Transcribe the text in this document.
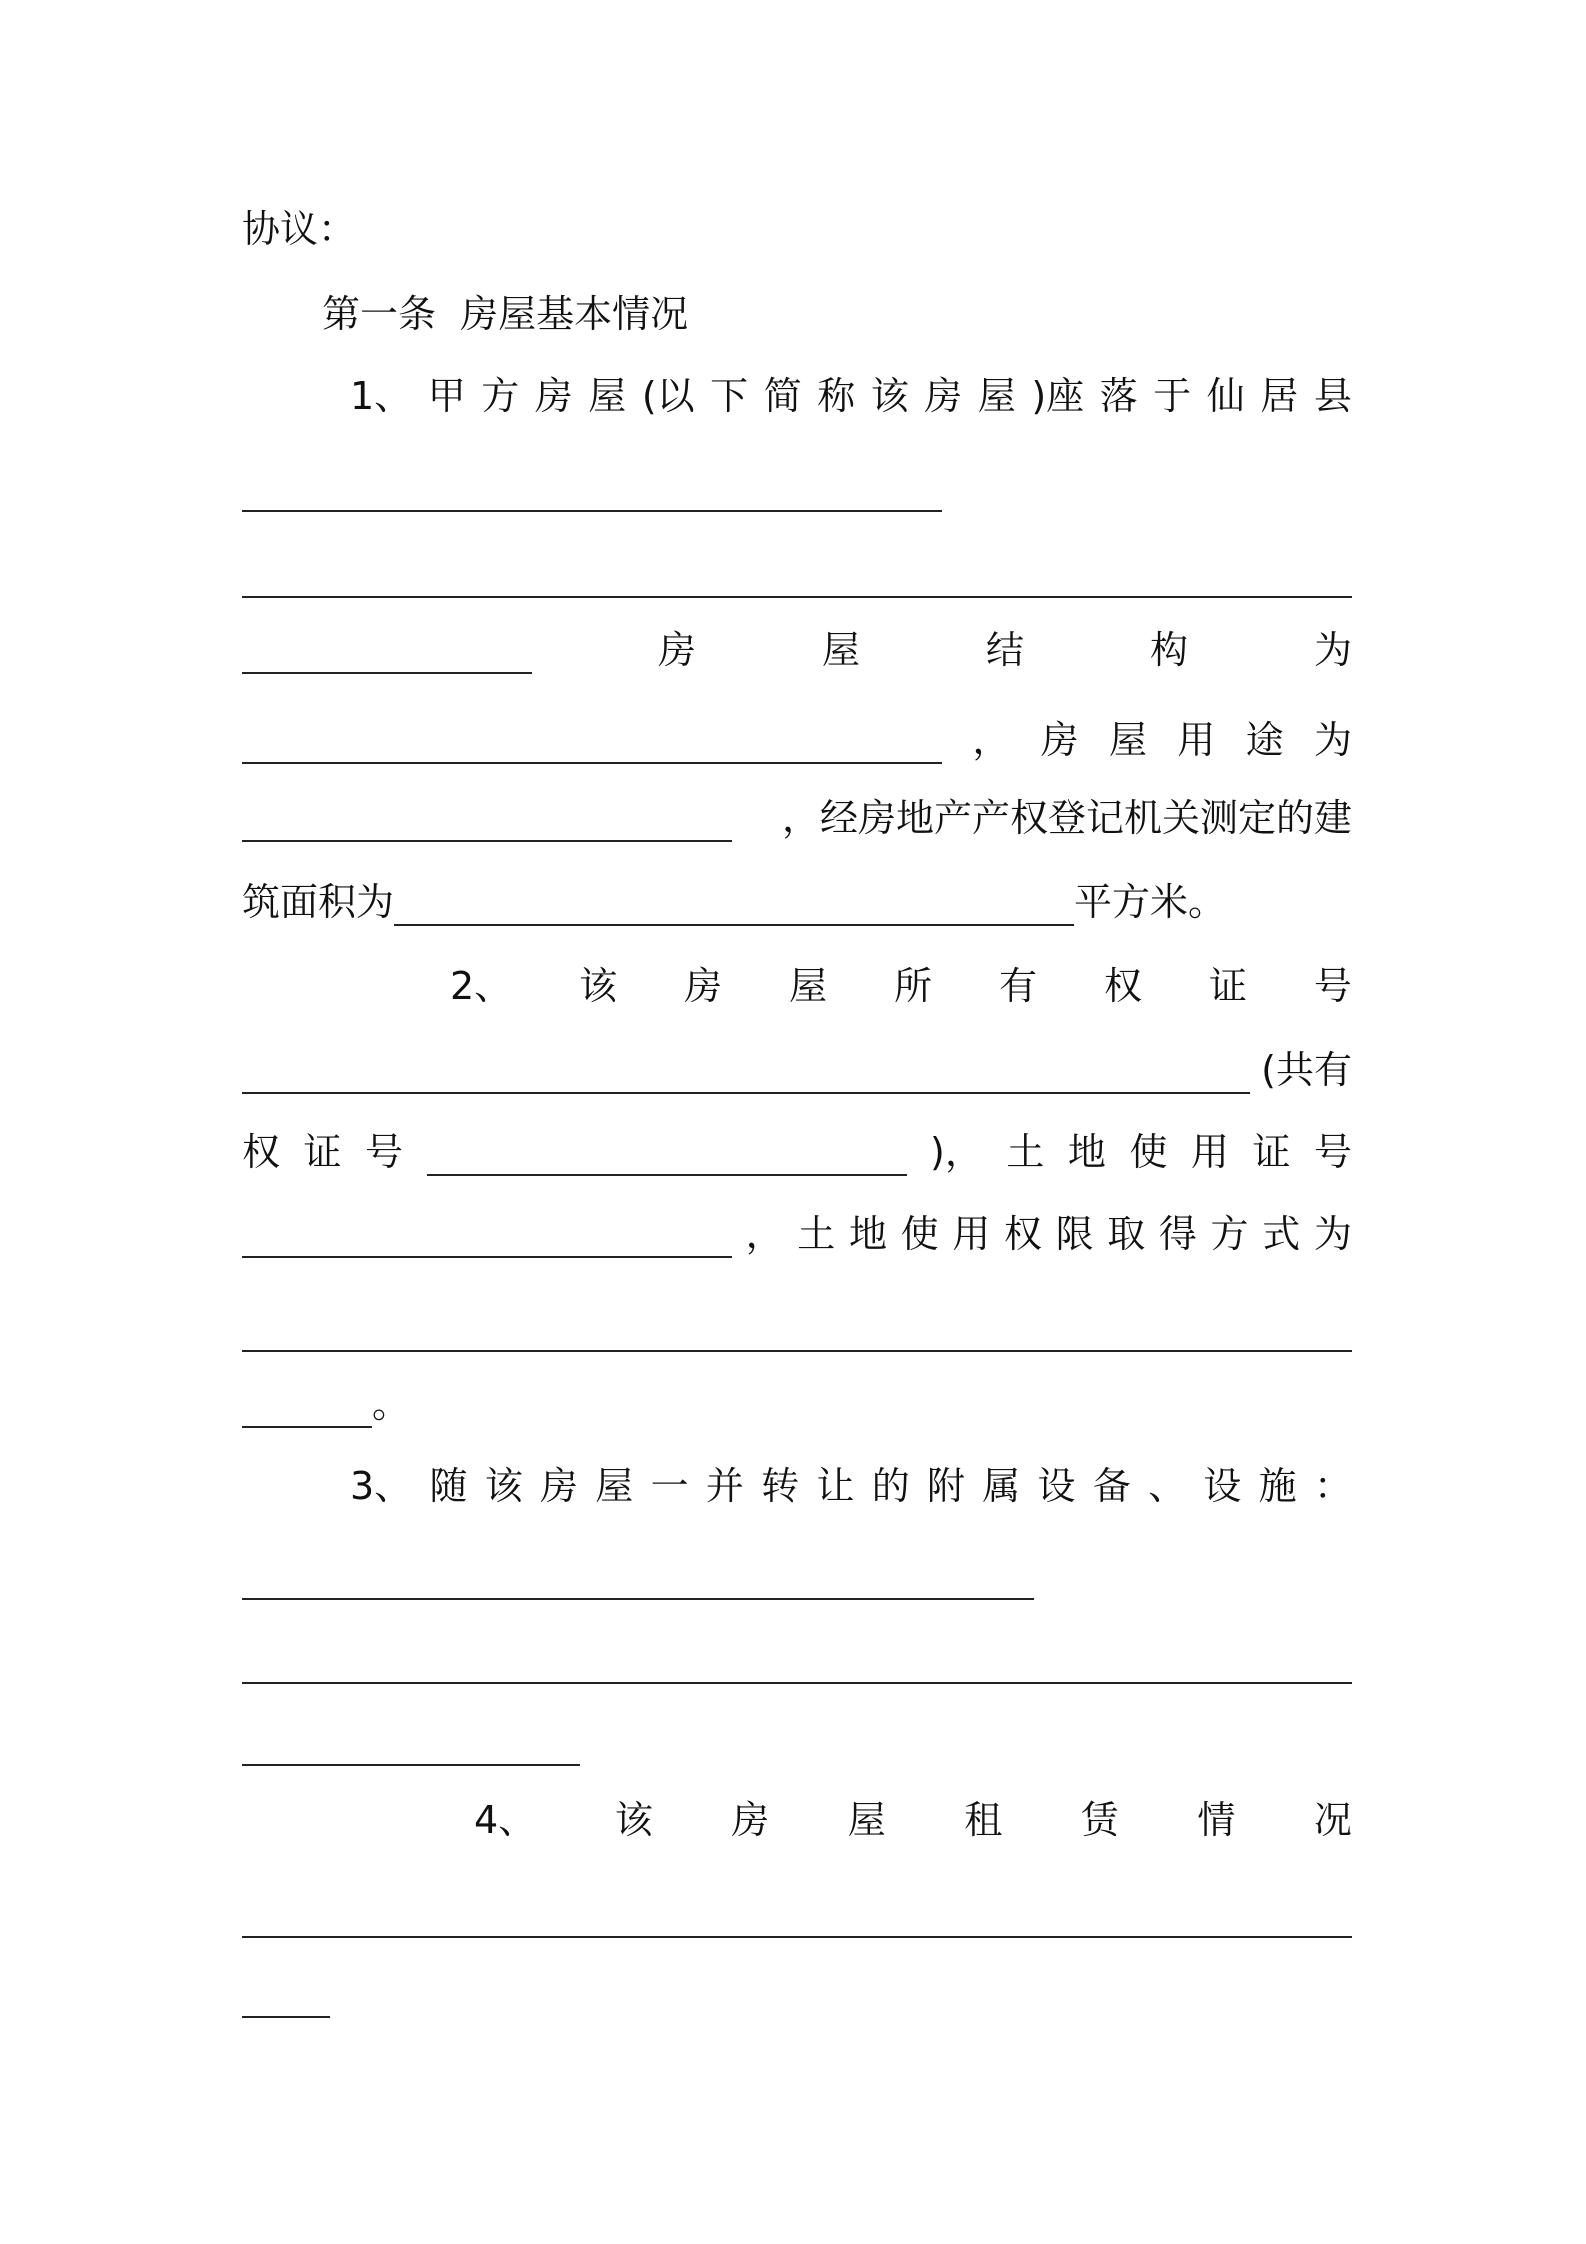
协议：
第一条  房屋基本情况
1、 甲 方 房 屋 (以 下 简 称 该 房 屋 )座 落 于 仙 居 县
房	屋	结	构	为
， 房 屋 用 途 为
，经房地产产权登记机关测定的建
筑面积为	平方米。
2、 该 房 屋 所 有 权 证 号
(共有
权 证 号	)， 土 地 使 用 证 号
， 土 地 使 用 权 限 取 得 方 式 为
。
3、 随 该 房 屋 一 并 转 让 的 附 属 设 备 、 设 施 ：
4、 该 房 屋 租 赁 情 况
